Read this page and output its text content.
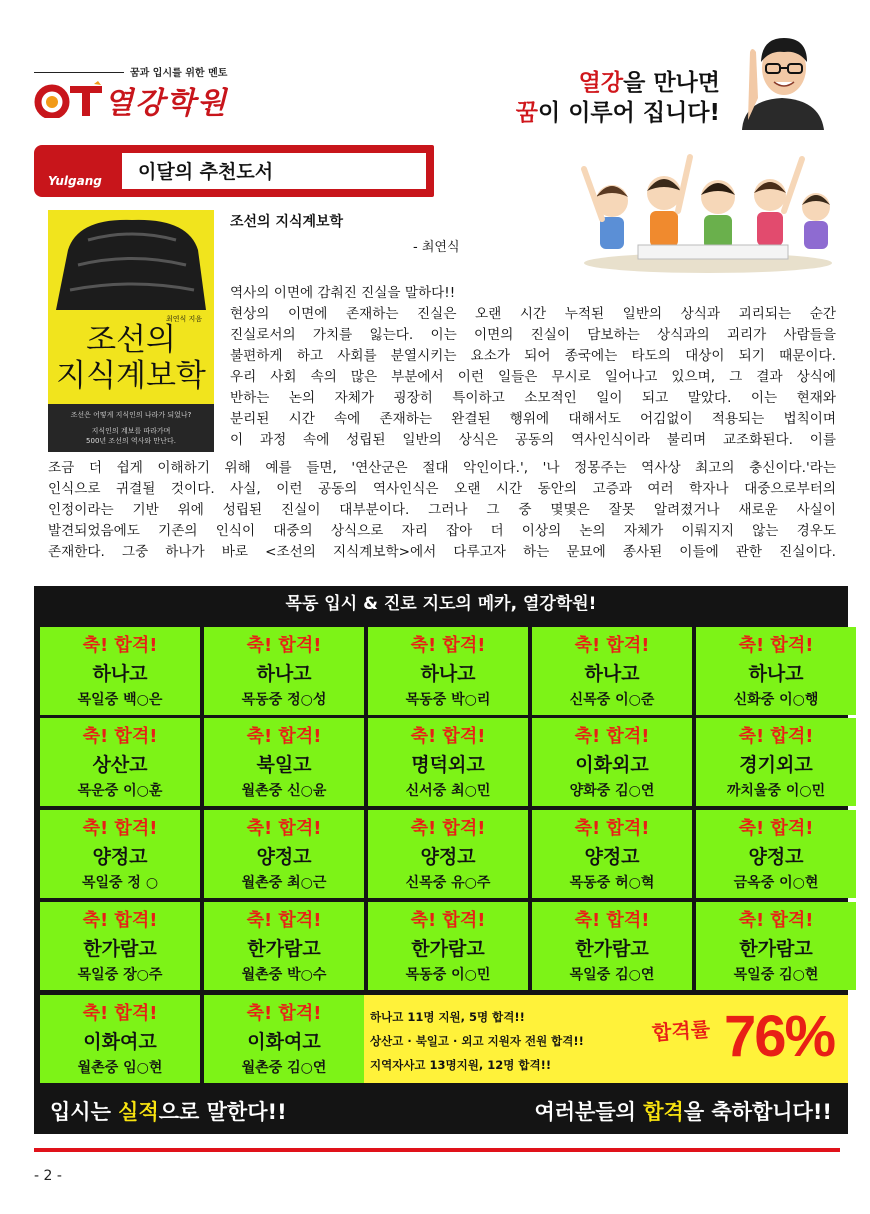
꿈과 입시를 위한 멘토
열강학원
열강을 만나면
꿈이 이루어 집니다!
Yulgang 이달의 추천도서
최연식 지음
조선의
지식계보학
조선은 어떻게 지식인의 나라가 되었나?
지식인의 계보를 따라가며
500년 조선의 역사와 만난다.
조선의 지식계보학
- 최연식

역사의 이면에 감춰진 진실을 말하다!!

현상의 이면에 존재하는 진실은 오랜 시간 누적된 일반의 상식과 괴리되는 순간

진실로서의 가치를 잃는다. 이는 이면의 진실이 담보하는 상식과의 괴리가 사람들을

불편하게 하고 사회를 분열시키는 요소가 되어 종국에는 타도의 대상이 되기 때문이다.

우리 사회 속의 많은 부분에서 이런 일들은 무시로 일어나고 있으며, 그 결과 상식에

반하는 논의 자체가 굉장히 특이하고 소모적인 일이 되고 말았다. 이는 현재와

분리된 시간 속에 존재하는 완결된 행위에 대해서도 어김없이 적용되는 법칙이며

이 과정 속에 성립된 일반의 상식은 공동의 역사인식이라 불리며 교조화된다. 이를

조금 더 쉽게 이해하기 위해 예를 들면, '연산군은 절대 악인이다.', '나 정몽주는 역사상 최고의 충신이다.'라는

인식으로 귀결될 것이다. 사실, 이런 공동의 역사인식은 오랜 시간 동안의 고증과 여러 학자나 대중으로부터의

인정이라는 기반 위에 성립된 진실이 대부분이다. 그러나 그 중 몇몇은 잘못 알려졌거나 새로운 사실이

발견되었음에도 기존의 인식이 대중의 상식으로 자리 잡아 더 이상의 논의 자체가 이뤄지지 않는 경우도

존재한다. 그중 하나가 바로 <조선의 지식계보학>에서 다루고자 하는 문묘에 종사된 이들에 관한 진실이다.

목동 입시 & 진로 지도의 메카, 열강학원!
축! 합격!
하나고
목일중 백○은
축! 합격!
하나고
목동중 정○성
축! 합격!
하나고
목동중 박○리
축! 합격!
하나고
신목중 이○준
축! 합격!
하나고
신화중 이○행
축! 합격!
상산고
목운중 이○훈
축! 합격!
북일고
월촌중 신○윤
축! 합격!
명덕외고
신서중 최○민
축! 합격!
이화외고
양화중 김○연
축! 합격!
경기외고
까치울중 이○민
축! 합격!
양정고
목일중 정 ○
축! 합격!
양정고
월촌중 최○근
축! 합격!
양정고
신목중 유○주
축! 합격!
양정고
목동중 허○혁
축! 합격!
양정고
금옥중 이○현
축! 합격!
한가람고
목일중 장○주
축! 합격!
한가람고
월촌중 박○수
축! 합격!
한가람고
목동중 이○민
축! 합격!
한가람고
목일중 김○연
축! 합격!
한가람고
목일중 김○현
축! 합격!
이화여고
월촌중 임○현
축! 합격!
이화여고
월촌중 김○연
하나고 11명 지원, 5명 합격!!
상산고 · 북일고 · 외고 지원자 전원 합격!!
지역자사고 13명지원, 12명 합격!!
합격률 76%
입시는 실적으로 말한다!!	여러분들의 합격을 축하합니다!!
- 2 -
